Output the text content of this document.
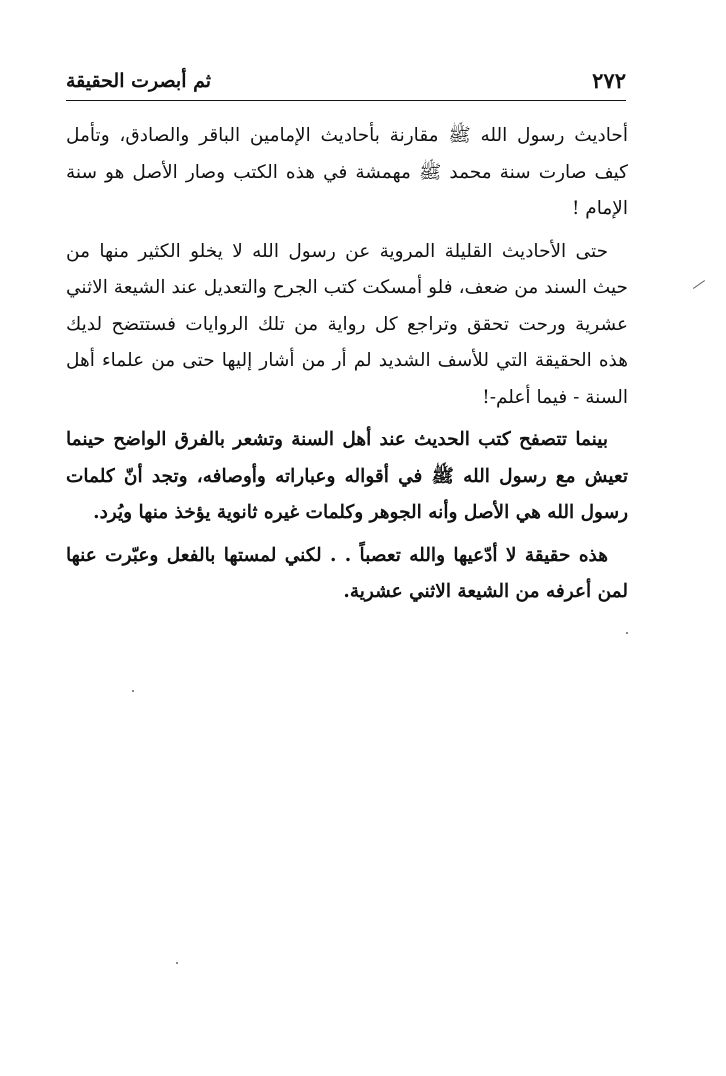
ثم أبصرت الحقيقة	٢٧٢

أحاديث رسول الله ﷺ مقارنة بأحاديث الإمامين الباقر والصادق، وتأمل كيف صارت سنة محمد ﷺ مهمشة في هذه الكتب وصار الأصل هو سنة الإمام !

حتى الأحاديث القليلة المروية عن رسول الله لا يخلو الكثير منها من حيث السند من ضعف، فلو أمسكت كتب الجرح والتعديل عند الشيعة الاثني عشرية ورحت تحقق وتراجع كل رواية من تلك الروايات فستتضح لديك هذه الحقيقة التي للأسف الشديد لم أر من أشار إليها حتى من علماء أهل السنة - فيما أعلم-!

بينما تتصفح كتب الحديث عند أهل السنة وتشعر بالفرق الواضح حينما تعيش مع رسول الله ﷺ في أقواله وعباراته وأوصافه، وتجد أنّ كلمات رسول الله هي الأصل وأنه الجوهر وكلمات غيره ثانوية يؤخذ منها ويُرد.

هذه حقيقة لا أدّعيها والله تعصباً . . لكني لمستها بالفعل وعبّرت عنها لمن أعرفه من الشيعة الاثني عشرية.
